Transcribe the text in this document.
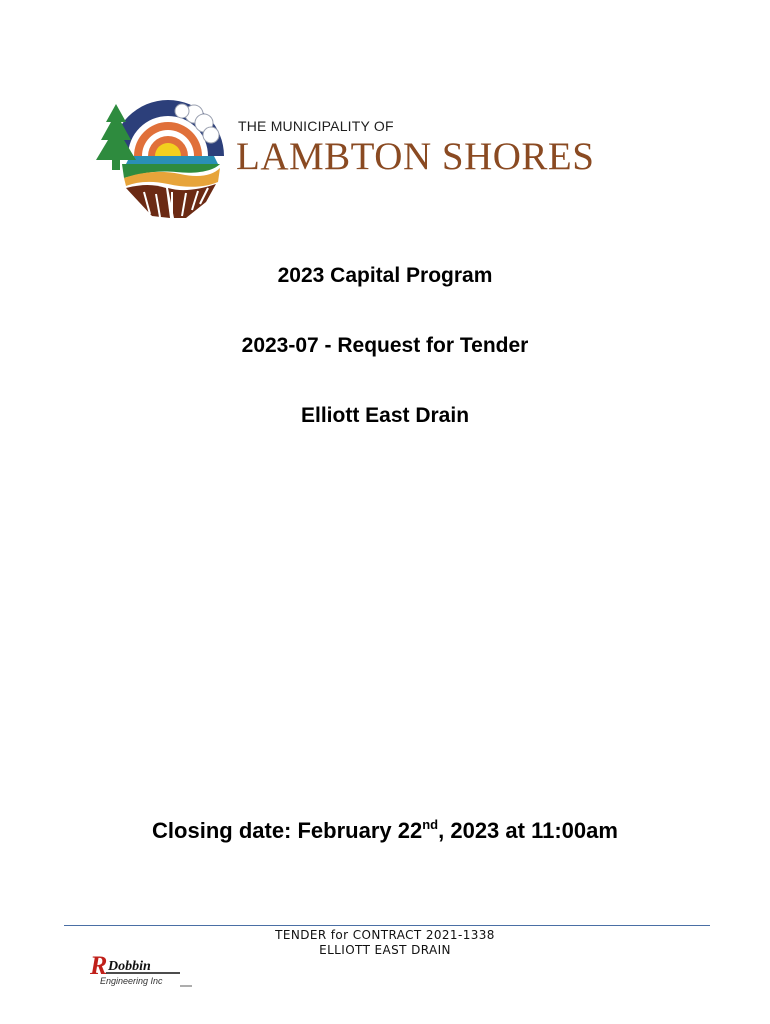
THE MUNICIPALITY OF
LAMBTON SHORES
2023 Capital Program
2023-07 - Request for Tender
Elliott East Drain
Closing date: February 22nd, 2023 at 11:00am
TENDER for CONTRACT 2021-1338
ELLIOTT EAST DRAIN
R Dobbin
Engineering Inc
